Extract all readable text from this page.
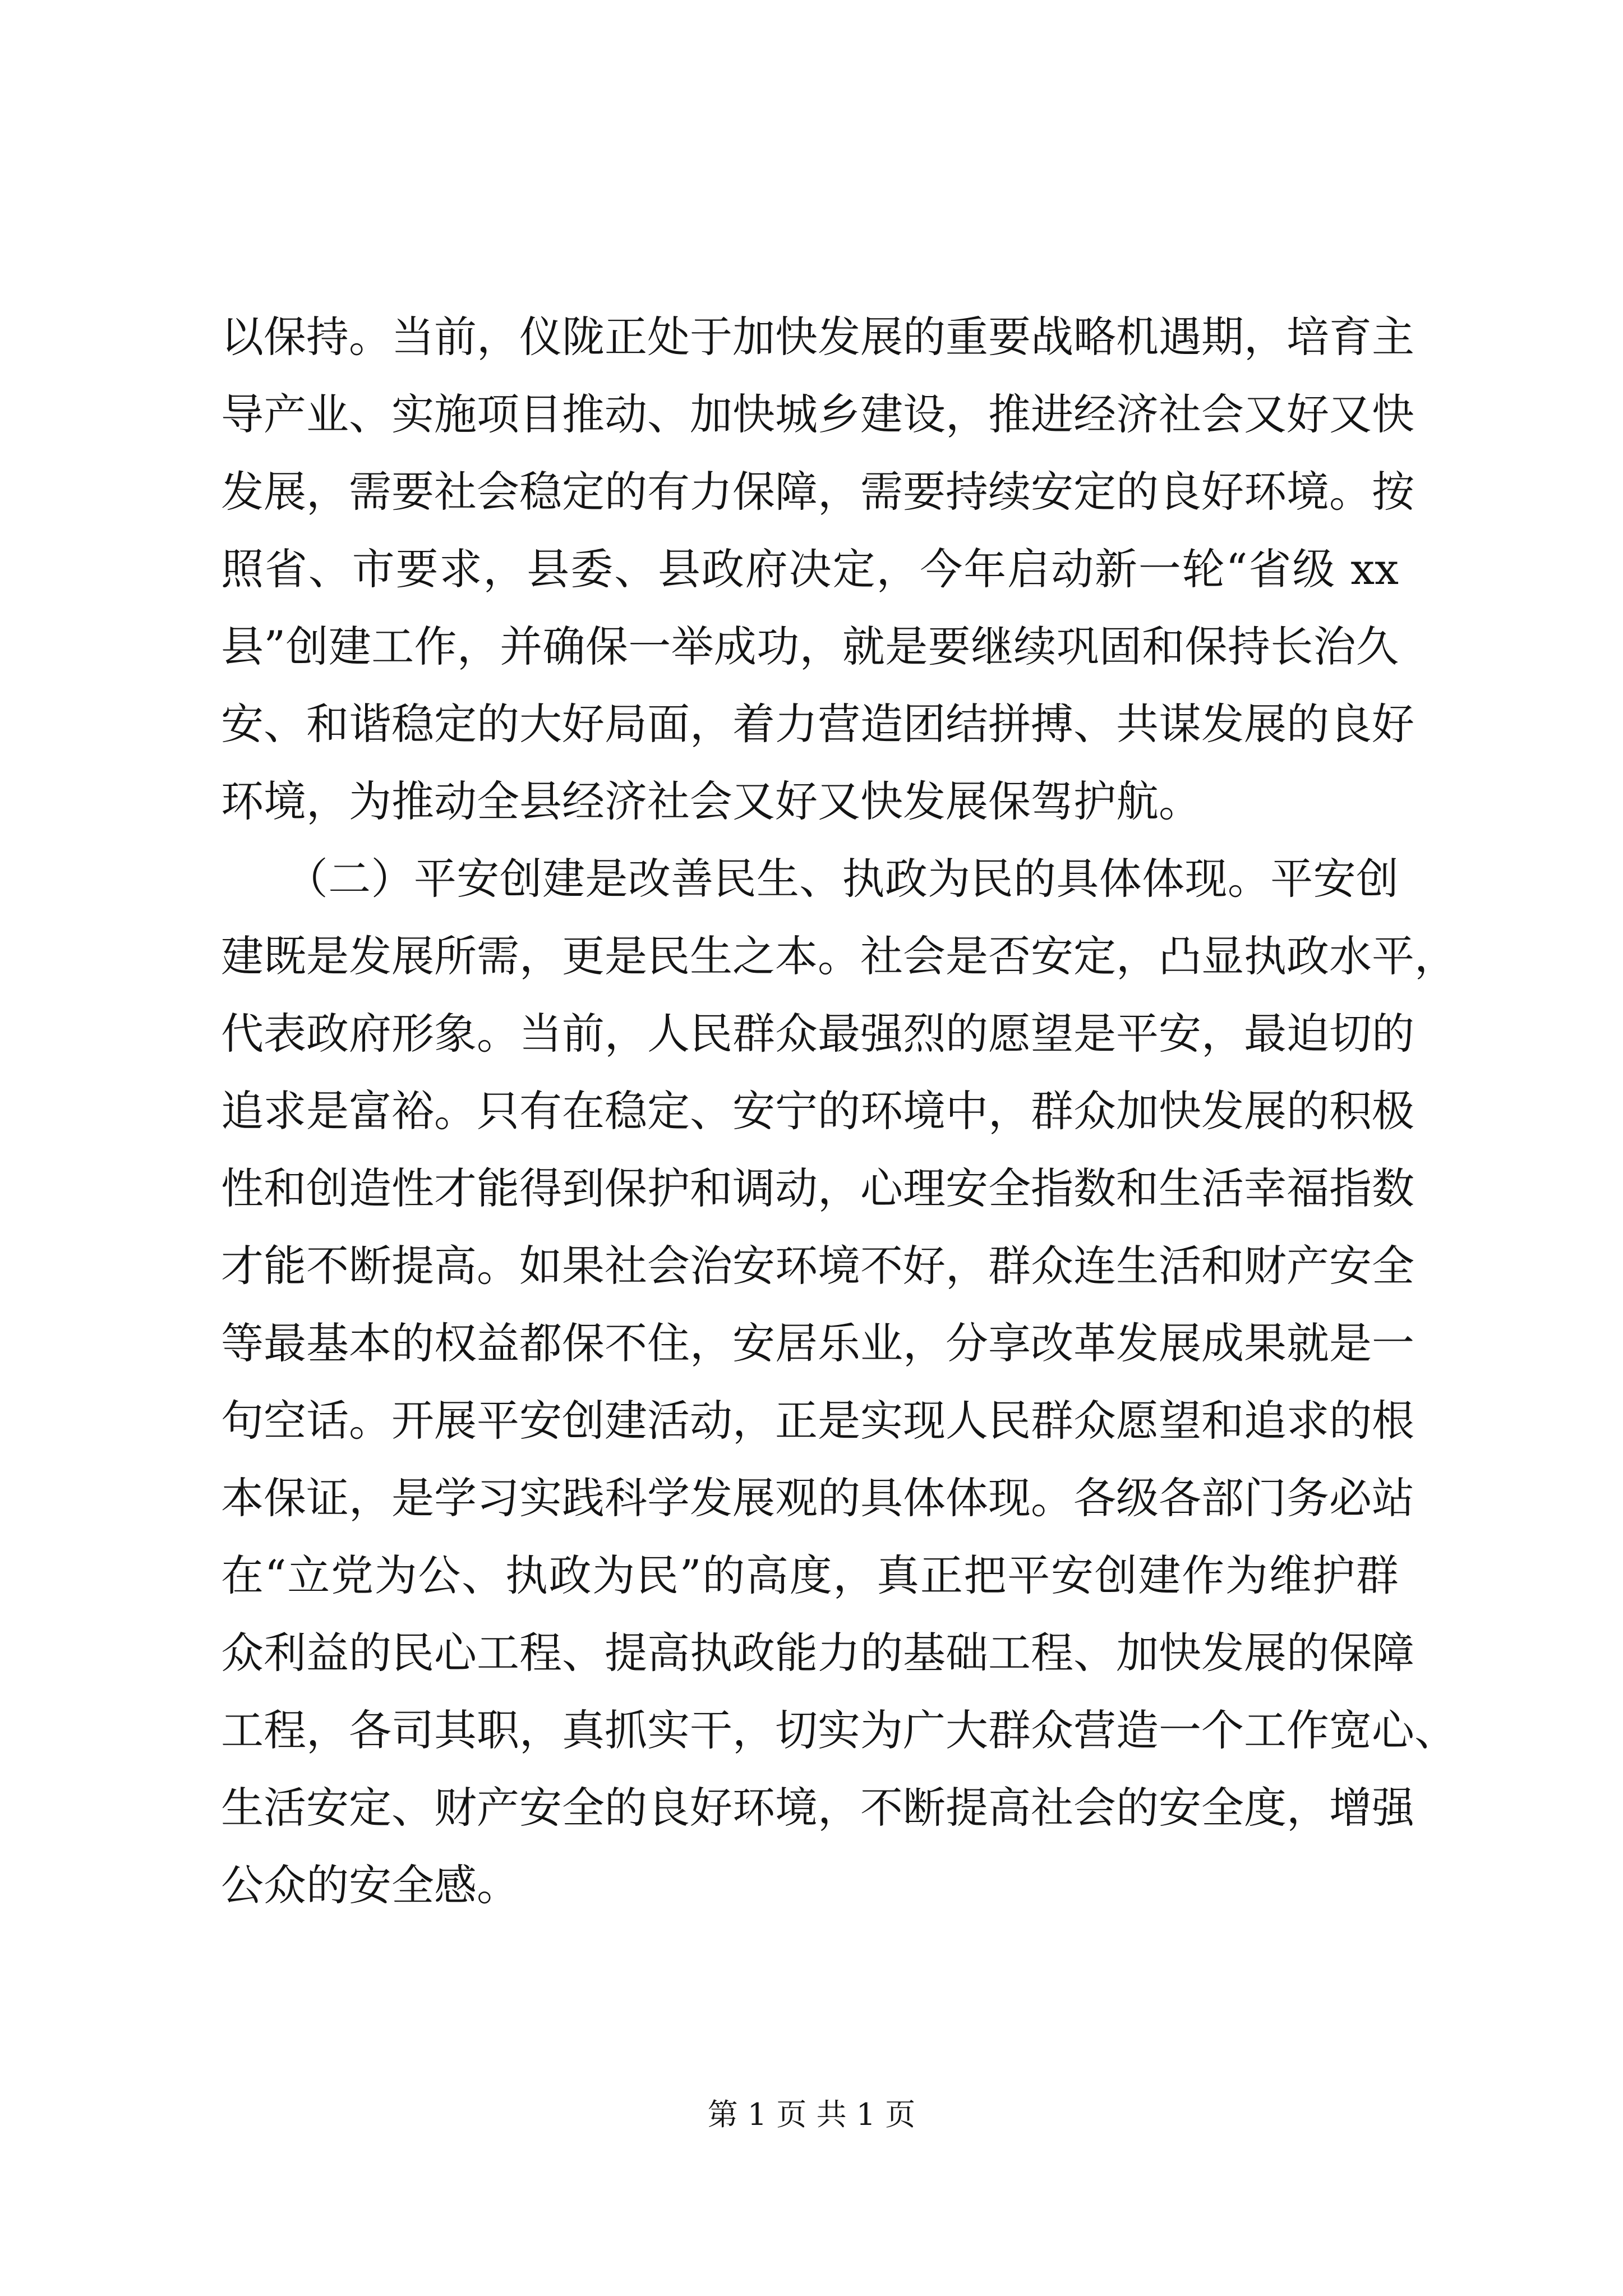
以保持。当前，仪陇正处于加快发展的重要战略机遇期，培育主
导产业、实施项目推动、加快城乡建设，推进经济社会又好又快
发展，需要社会稳定的有力保障，需要持续安定的良好环境。按
照省、市要求，县委、县政府决定，今年启动新一轮“省级 xx
县”创建工作，并确保一举成功，就是要继续巩固和保持长治久
安、和谐稳定的大好局面，着力营造团结拼搏、共谋发展的良好
环境，为推动全县经济社会又好又快发展保驾护航。
　　（二）平安创建是改善民生、执政为民的具体体现。平安创
建既是发展所需，更是民生之本。社会是否安定，凸显执政水平，
代表政府形象。当前，人民群众最强烈的愿望是平安，最迫切的
追求是富裕。只有在稳定、安宁的环境中，群众加快发展的积极
性和创造性才能得到保护和调动，心理安全指数和生活幸福指数
才能不断提高。如果社会治安环境不好，群众连生活和财产安全
等最基本的权益都保不住，安居乐业，分享改革发展成果就是一
句空话。开展平安创建活动，正是实现人民群众愿望和追求的根
本保证，是学习实践科学发展观的具体体现。各级各部门务必站
在“立党为公、执政为民”的高度，真正把平安创建作为维护群
众利益的民心工程、提高执政能力的基础工程、加快发展的保障
工程，各司其职，真抓实干，切实为广大群众营造一个工作宽心、
生活安定、财产安全的良好环境，不断提高社会的安全度，增强
公众的安全感。
第 1 页 共 1 页
